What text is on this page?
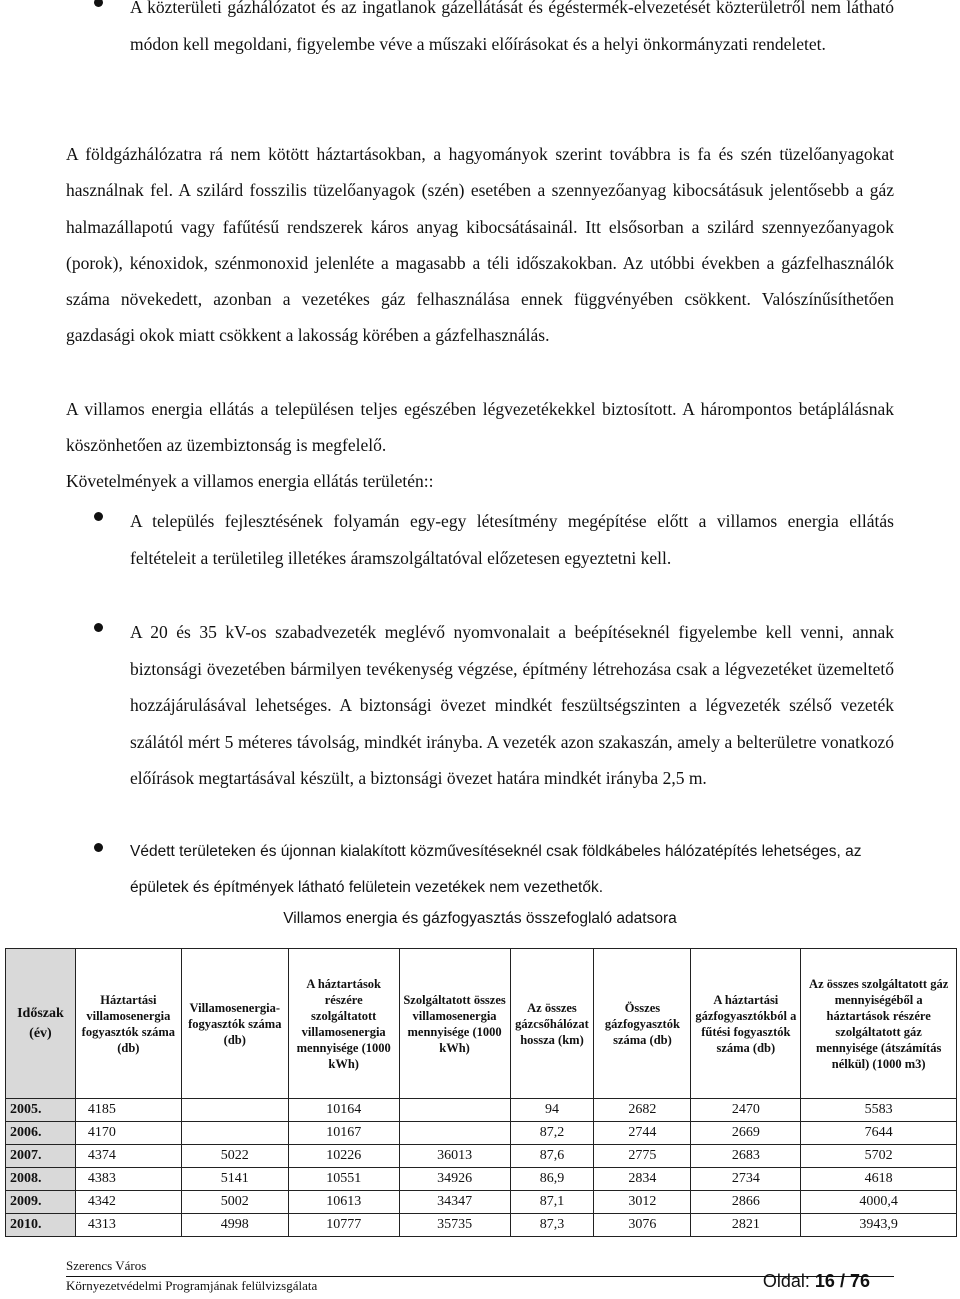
A közterületi gázhálózatot és az ingatlanok gázellátását és égéstermék-elvezetését közterületről nem látható módon kell megoldani, figyelembe véve a műszaki előírásokat és a helyi önkormányzati rendeletet.

A földgázhálózatra rá nem kötött háztartásokban, a hagyományok szerint továbbra is fa és szén tüzelőanyagokat használnak fel. A szilárd fosszilis tüzelőanyagok (szén) esetében a szennyezőanyag kibocsátásuk jelentősebb a gáz halmazállapotú vagy fafűtésű rendszerek káros anyag kibocsátásainál. Itt elsősorban a szilárd szennyezőanyagok (porok), kénoxidok, szénmonoxid jelenléte a magasabb a téli időszakokban. Az utóbbi években a gázfelhasználók száma növekedett, azonban a vezetékes gáz felhasználása ennek függvényében csökkent. Valószínűsíthetően gazdasági okok miatt csökkent a lakosság körében a gázfelhasználás.

A villamos energia ellátás a településen teljes egészében légvezetékekkel biztosított. A hárompontos betáplálásnak köszönhetően az üzembiztonság is megfelelő.

Követelmények a villamos energia ellátás területén::

A település fejlesztésének folyamán egy-egy létesítmény megépítése előtt a villamos energia ellátás feltételeit a területileg illetékes áramszolgáltatóval előzetesen egyeztetni kell.
A 20 és 35 kV-os szabadvezeték meglévő nyomvonalait a beépítéseknél figyelembe kell venni, annak biztonsági övezetében bármilyen tevékenység végzése, építmény létrehozása csak a légvezetéket üzemeltető hozzájárulásával lehetséges. A biztonsági övezet mindkét feszültségszinten a légvezeték szélső vezeték szálától mért 5 méteres távolság, mindkét irányba. A vezeték azon szakaszán, amely a belterületre vonatkozó előírások megtartásával készült, a biztonsági övezet határa mindkét irányba 2,5 m.
Védett területeken és újonnan kialakított közművesítéseknél csak földkábeles hálózatépítés lehetséges, az épületek és építmények látható felületein vezetékek nem vezethetők.
Villamos energia és gázfogyasztás összefoglaló adatsora
Időszak (év)	Háztartási villamosenergia fogyasztók száma (db)	Villamosenergia-fogyasztók száma (db)	A háztartások részére szolgáltatott villamosenergia mennyisége (1000 kWh)	Szolgáltatott összes villamosenergia mennyisége (1000 kWh)	Az összes gázcsőhálózat hossza (km)	Összes gázfogyasztók száma (db)	A háztartási gázfogyasztókból a fűtési fogyasztók száma (db)	Az összes szolgáltatott gáz mennyiségéből a háztartások részére szolgáltatott gáz mennyisége (átszámítás nélkül) (1000 m3)
2005.	4185		10164		94	2682	2470	5583
2006.	4170		10167		87,2	2744	2669	7644
2007.	4374	5022	10226	36013	87,6	2775	2683	5702
2008.	4383	5141	10551	34926	86,9	2834	2734	4618
2009.	4342	5002	10613	34347	87,1	3012	2866	4000,4
2010.	4313	4998	10777	35735	87,3	3076	2821	3943,9
Szerencs Város
Környezetvédelmi Programjának felülvizsgálata	Oldal: 16 / 76
